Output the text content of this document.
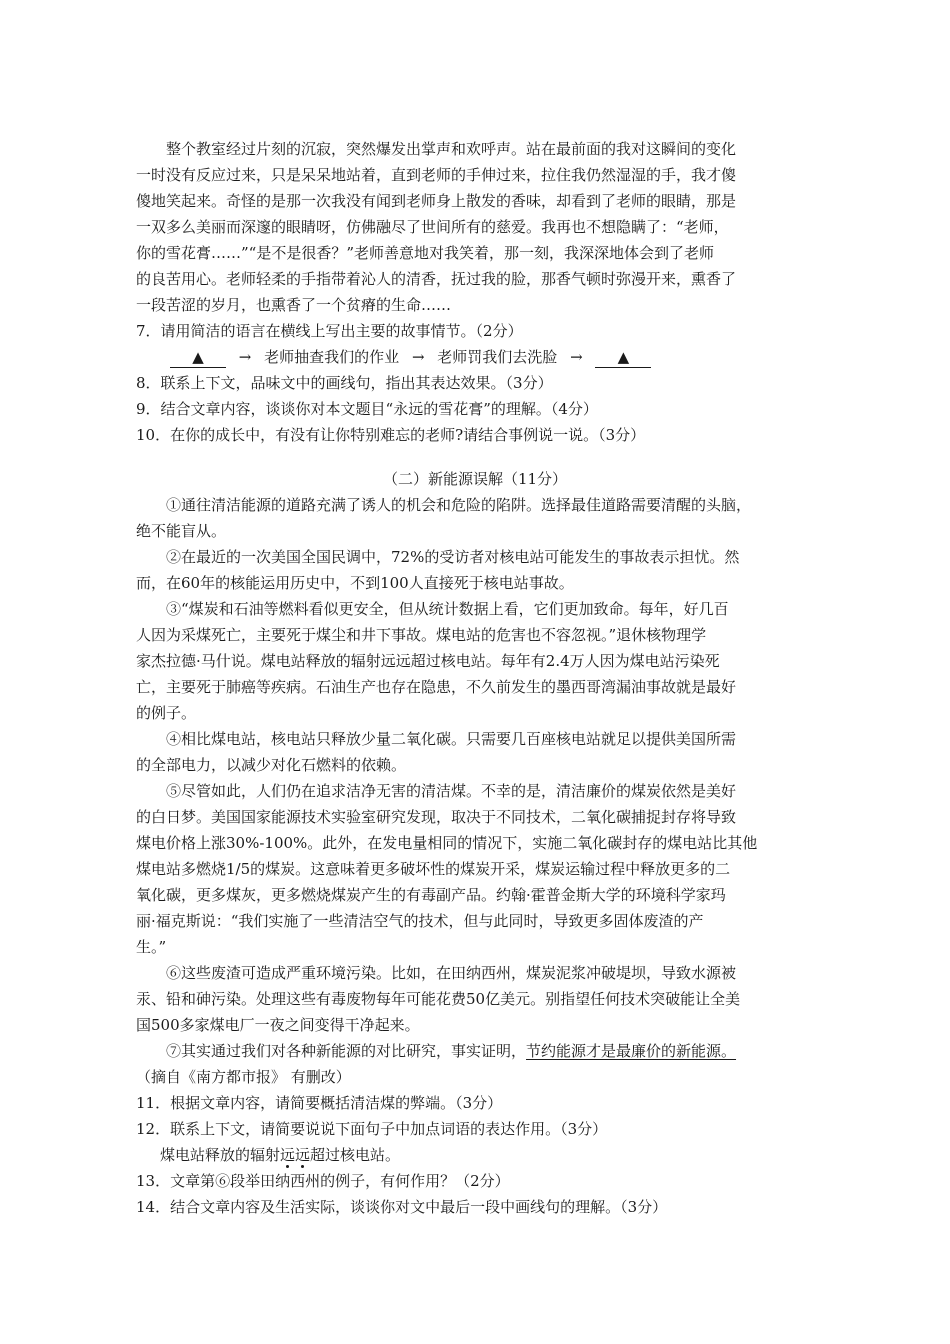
整个教室经过片刻的沉寂，突然爆发出掌声和欢呼声。站在最前面的我对这瞬间的变化
一时没有反应过来，只是呆呆地站着，直到老师的手伸过来，拉住我仍然湿湿的手，我才傻
傻地笑起来。奇怪的是那一次我没有闻到老师身上散发的香味，却看到了老师的眼睛，那是
一双多么美丽而深邃的眼睛呀，仿佛融尽了世间所有的慈爱。我再也不想隐瞒了：“老师，
你的雪花膏……”“是不是很香？”老师善意地对我笑着，那一刻，我深深地体会到了老师
的良苦用心。老师轻柔的手指带着沁人的清香，抚过我的脸，那香气顿时弥漫开来，熏香了
一段苦涩的岁月，也熏香了一个贫瘠的生命……
7．请用简洁的语言在横线上写出主要的故事情节。（2分）
▲ → 老师抽查我们的作业 → 老师罚我们去洗脸 → ▲
8．联系上下文，品味文中的画线句，指出其表达效果。（3分）
9．结合文章内容，谈谈你对本文题目“永远的雪花膏”的理解。（4分）
10．在你的成长中，有没有让你特别难忘的老师?请结合事例说一说。（3分）
（二）新能源误解（11分）
①通往清洁能源的道路充满了诱人的机会和危险的陷阱。选择最佳道路需要清醒的头脑，
绝不能盲从。
②在最近的一次美国全国民调中，72%的受访者对核电站可能发生的事故表示担忧。然
而，在60年的核能运用历史中，不到100人直接死于核电站事故。
③“煤炭和石油等燃料看似更安全，但从统计数据上看，它们更加致命。每年，好几百
人因为采煤死亡，主要死于煤尘和井下事故。煤电站的危害也不容忽视。”退休核物理学
家杰拉德·马什说。煤电站释放的辐射远远超过核电站。每年有2.4万人因为煤电站污染死
亡，主要死于肺癌等疾病。石油生产也存在隐患，不久前发生的墨西哥湾漏油事故就是最好
的例子。
④相比煤电站，核电站只释放少量二氧化碳。只需要几百座核电站就足以提供美国所需
的全部电力，以减少对化石燃料的依赖。
⑤尽管如此，人们仍在追求洁净无害的清洁煤。不幸的是，清洁廉价的煤炭依然是美好
的白日梦。美国国家能源技术实验室研究发现，取决于不同技术，二氧化碳捕捉封存将导致
煤电价格上涨30%-100%。此外，在发电量相同的情况下，实施二氧化碳封存的煤电站比其他
煤电站多燃烧1/5的煤炭。这意味着更多破坏性的煤炭开采，煤炭运输过程中释放更多的二
氧化碳，更多煤灰，更多燃烧煤炭产生的有毒副产品。约翰·霍普金斯大学的环境科学家玛
丽·福克斯说：“我们实施了一些清洁空气的技术，但与此同时，导致更多固体废渣的产
生。”
⑥这些废渣可造成严重环境污染。比如，在田纳西州，煤炭泥浆冲破堤坝，导致水源被
汞、铅和砷污染。处理这些有毒废物每年可能花费50亿美元。别指望任何技术突破能让全美
国500多家煤电厂一夜之间变得干净起来。
⑦其实通过我们对各种新能源的对比研究，事实证明，节约能源才是最廉价的新能源。
（摘自《南方都市报》 有删改）
11．根据文章内容，请简要概括清洁煤的弊端。（3分）
12．联系上下文，请简要说说下面句子中加点词语的表达作用。（3分）
煤电站释放的辐射远远超过核电站。
13．文章第⑥段举田纳西州的例子，有何作用？（2分）
14．结合文章内容及生活实际，谈谈你对文中最后一段中画线句的理解。（3分）
